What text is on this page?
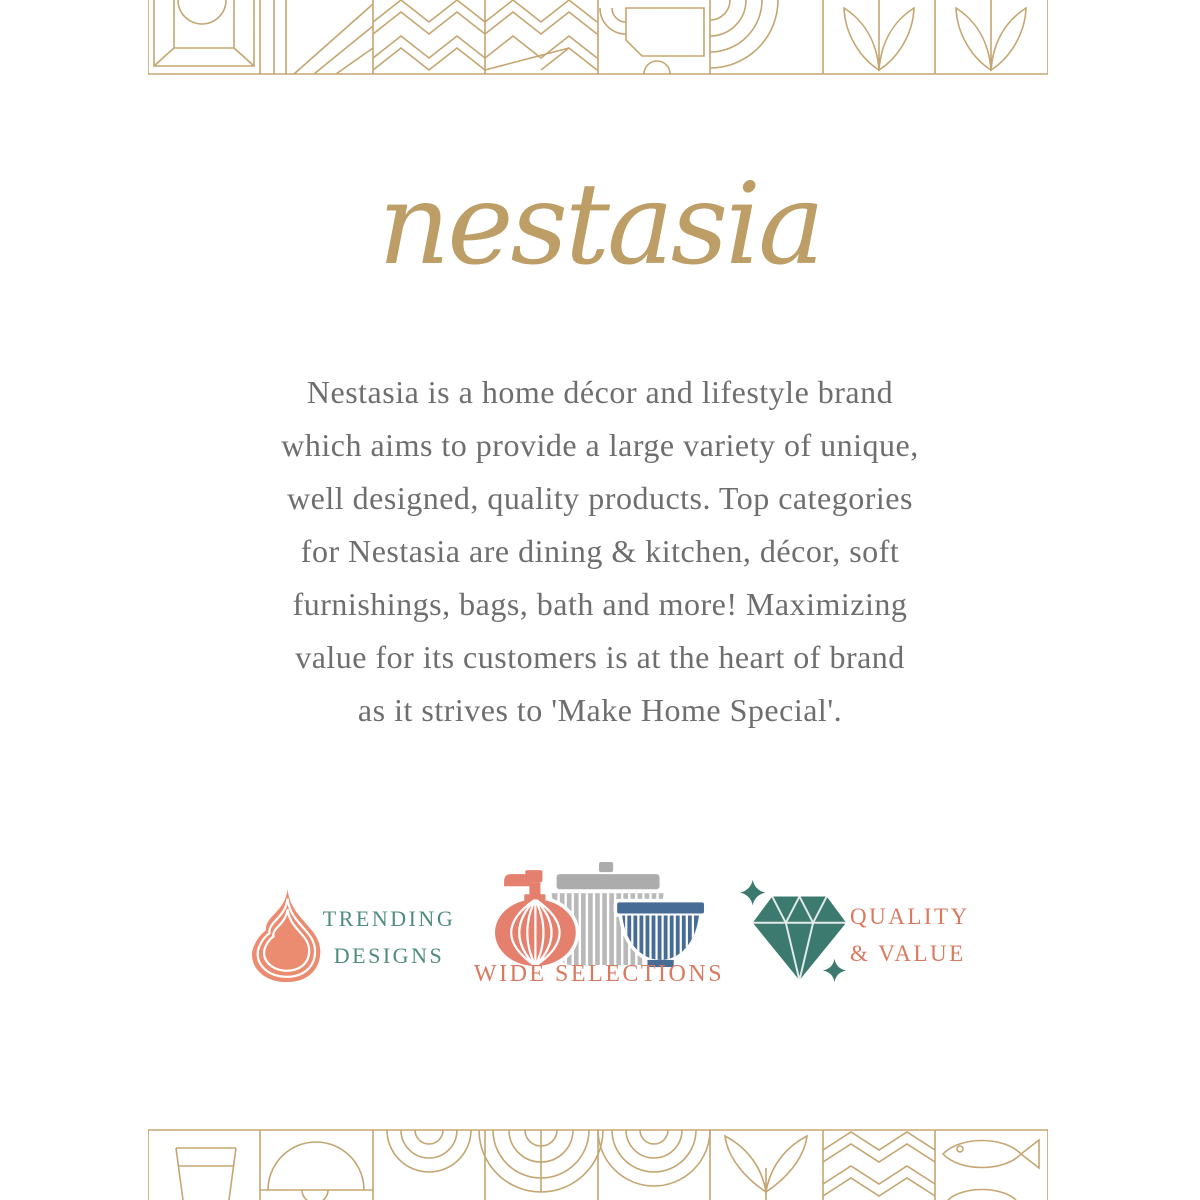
nestasia
Nestasia is a home décor and lifestyle brand
which aims to provide a large variety of unique,
well designed, quality products. Top categories
for Nestasia are dining & kitchen, décor, soft
furnishings, bags, bath and more! Maximizing
value for its customers is at the heart of brand
as it strives to 'Make Home Special'.
TRENDING
DESIGNS
WIDE SELECTIONS
QUALITY
& VALUE
